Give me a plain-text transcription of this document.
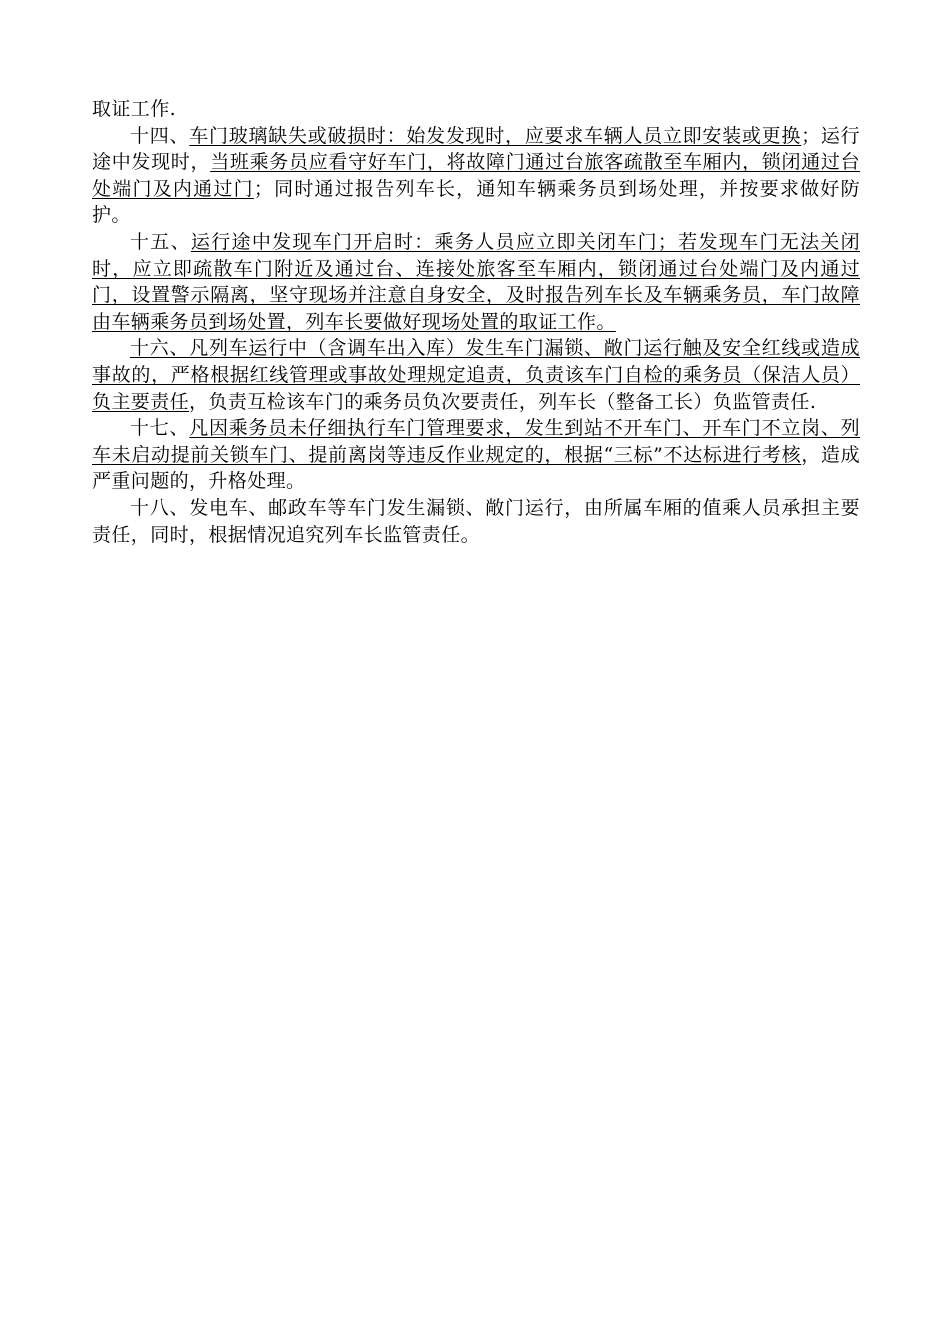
取证工作.

十四、车门玻璃缺失或破损时：始发发现时，应要求车辆人员立即安装或更换；运行途中发现时，当班乘务员应看守好车门，将故障门通过台旅客疏散至车厢内，锁闭通过台处端门及内通过门；同时通过报告列车长，通知车辆乘务员到场处理，并按要求做好防护。

十五、运行途中发现车门开启时：乘务人员应立即关闭车门；若发现车门无法关闭时，应立即疏散车门附近及通过台、连接处旅客至车厢内，锁闭通过台处端门及内通过门，设置警示隔离，坚守现场并注意自身安全，及时报告列车长及车辆乘务员，车门故障由车辆乘务员到场处置，列车长要做好现场处置的取证工作。

十六、凡列车运行中（含调车出入库）发生车门漏锁、敞门运行触及安全红线或造成事故的，严格根据红线管理或事故处理规定追责，负责该车门自检的乘务员（保洁人员）负主要责任，负责互检该车门的乘务员负次要责任，列车长（整备工长）负监管责任.

十七、凡因乘务员未仔细执行车门管理要求，发生到站不开车门、开车门不立岗、列车未启动提前关锁车门、提前离岗等违反作业规定的，根据“三标”不达标进行考核，造成严重问题的，升格处理。

十八、发电车、邮政车等车门发生漏锁、敞门运行，由所属车厢的值乘人员承担主要责任，同时，根据情况追究列车长监管责任。
